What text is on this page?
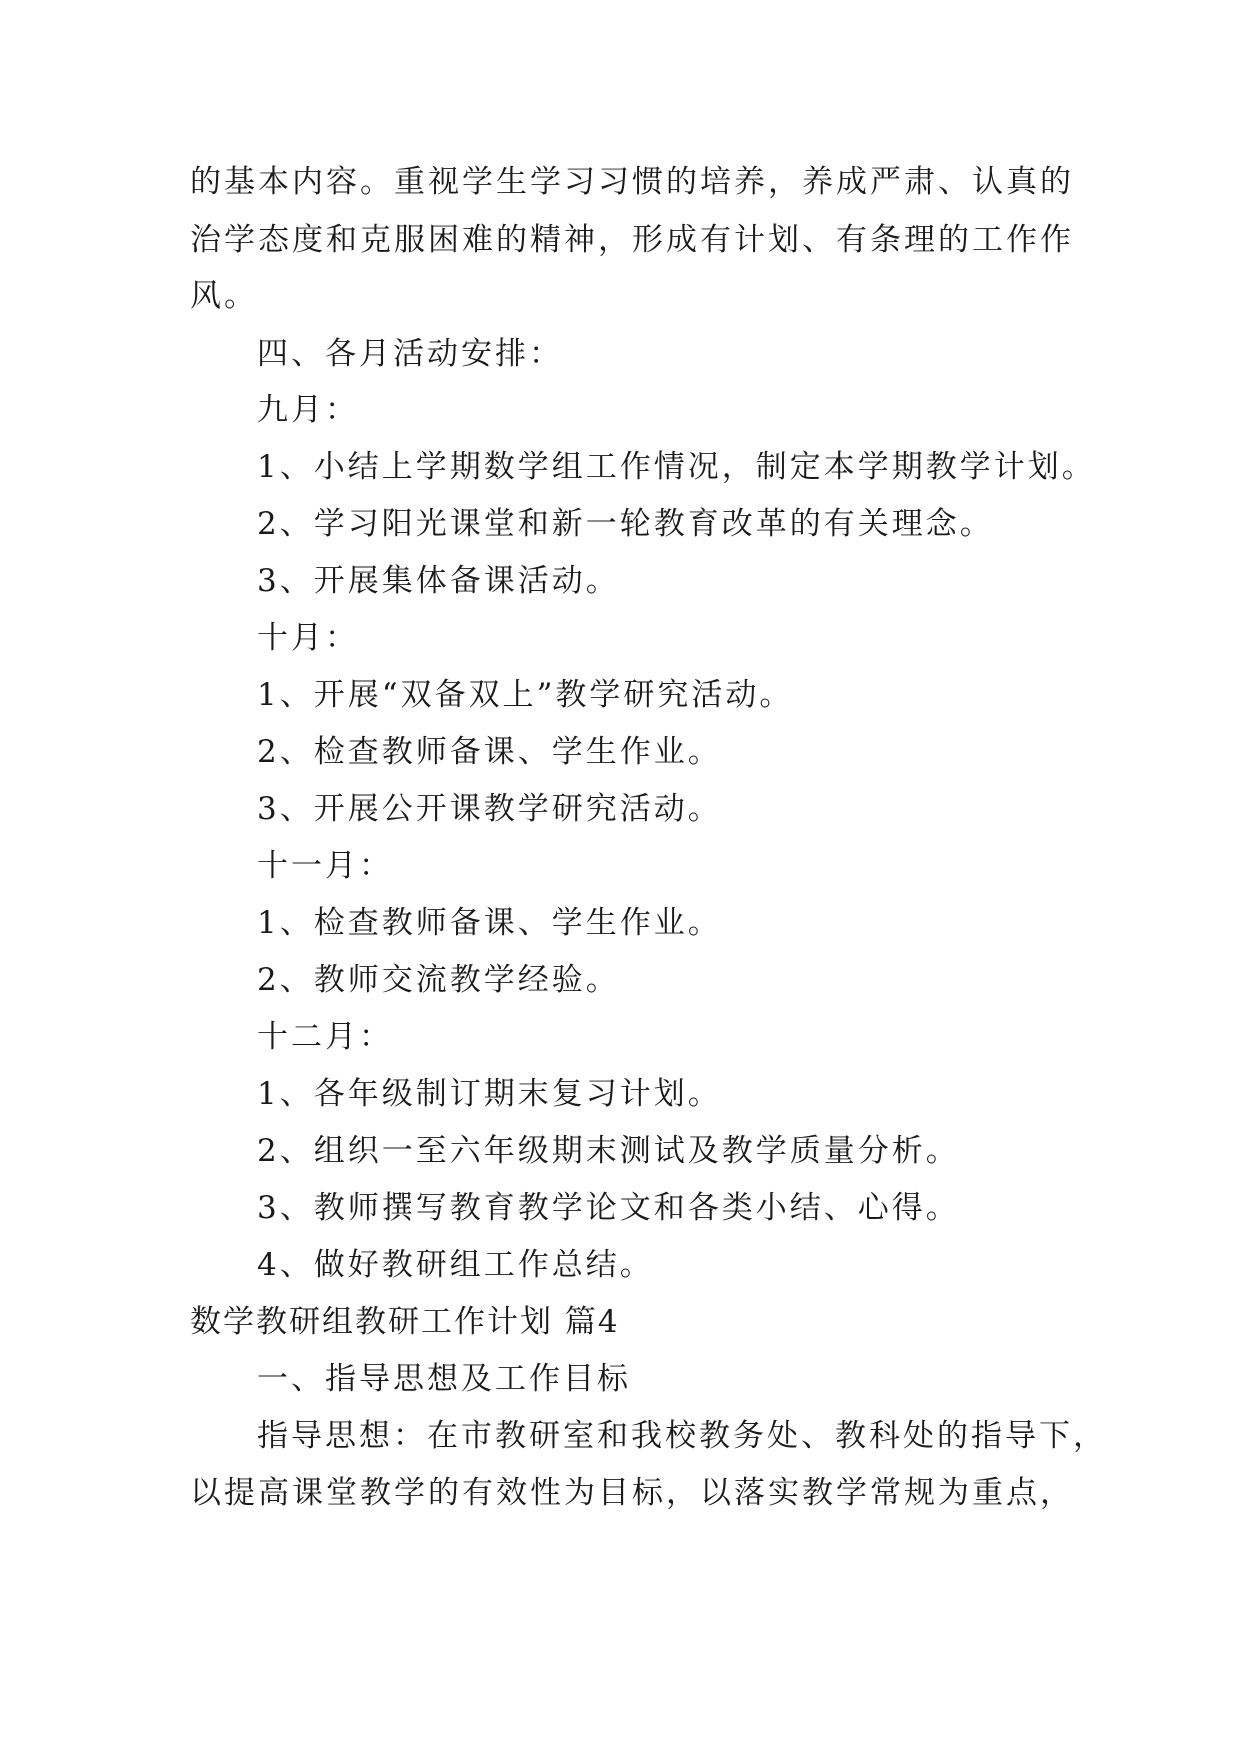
的基本内容。重视学生学习习惯的培养，养成严肃、认真的
治学态度和克服困难的精神，形成有计划、有条理的工作作
风。
四、各月活动安排：
九月：
1、小结上学期数学组工作情况，制定本学期教学计划。
2、学习阳光课堂和新一轮教育改革的有关理念。
3、开展集体备课活动。
十月：
1、开展“双备双上”教学研究活动。
2、检查教师备课、学生作业。
3、开展公开课教学研究活动。
十一月：
1、检查教师备课、学生作业。
2、教师交流教学经验。
十二月：
1、各年级制订期末复习计划。
2、组织一至六年级期末测试及教学质量分析。
3、教师撰写教育教学论文和各类小结、心得。
4、做好教研组工作总结。
数学教研组教研工作计划 篇4
一、指导思想及工作目标
指导思想：在市教研室和我校教务处、教科处的指导下，
以提高课堂教学的有效性为目标，以落实教学常规为重点，
